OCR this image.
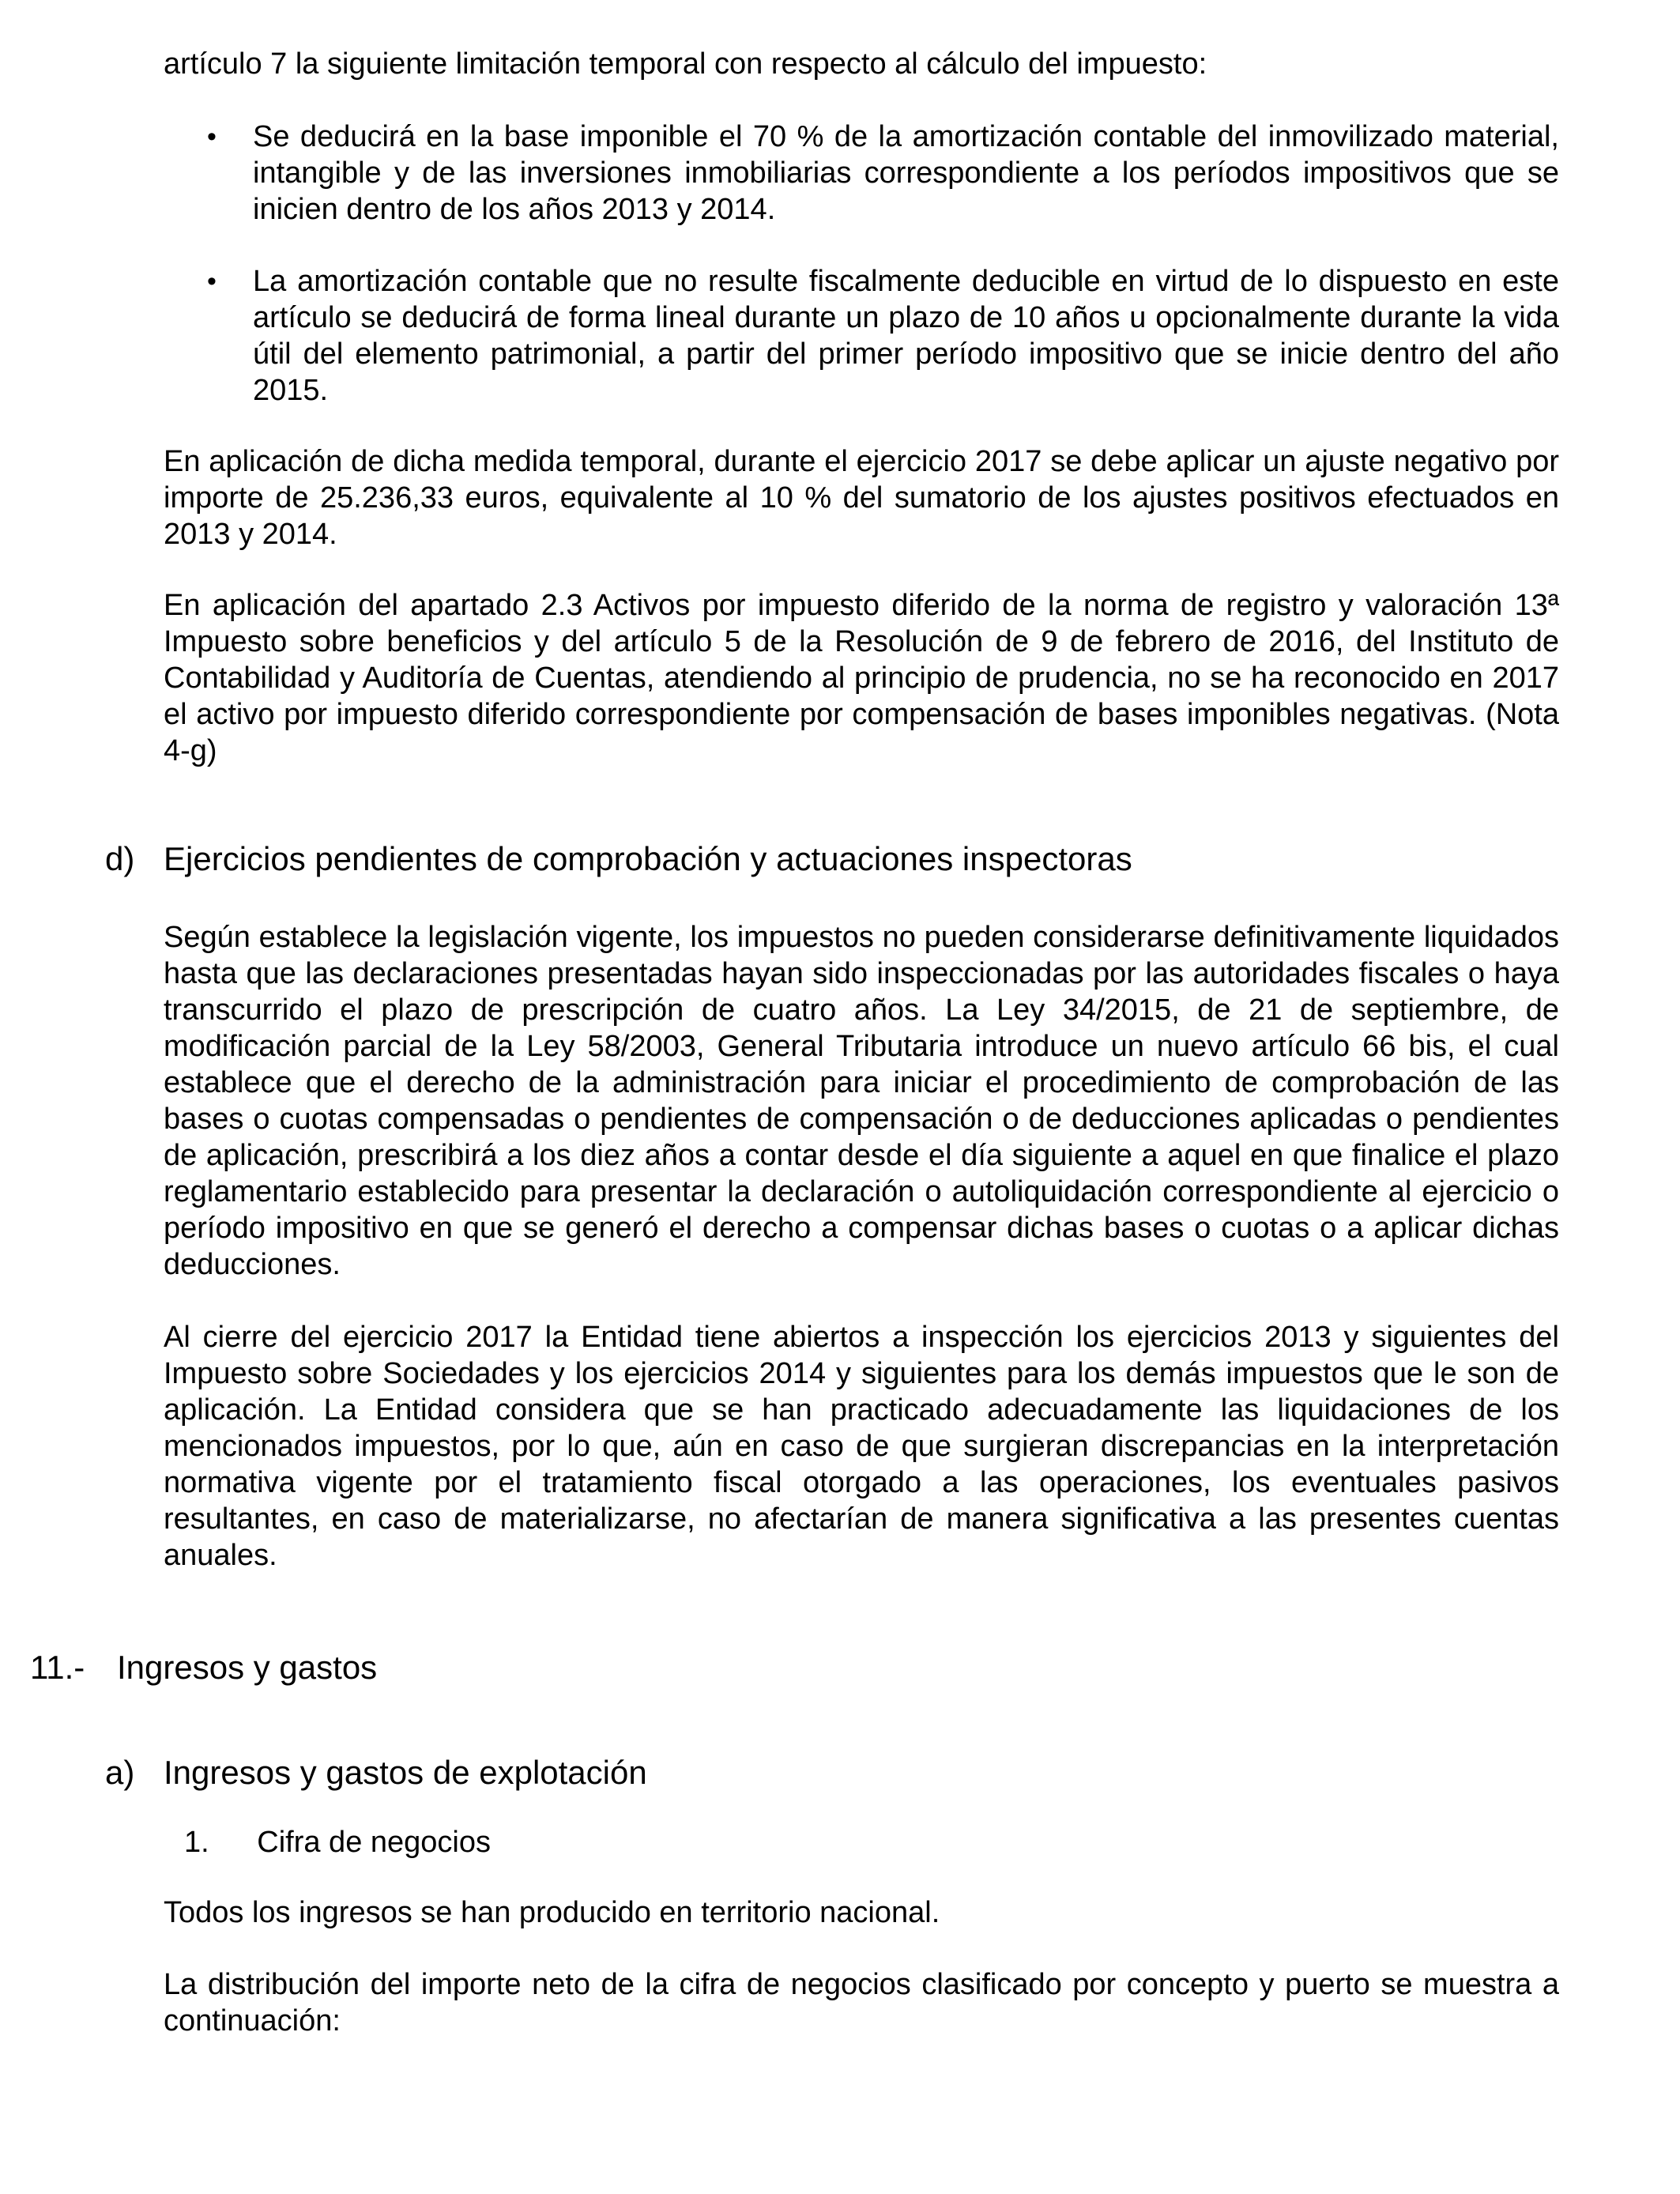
artículo 7 la siguiente limitación temporal con respecto al cálculo del impuesto:

•	Se deducirá en la base imponible el 70 % de la amortización contable del inmovilizado material, intangible y de las inversiones inmobiliarias correspondiente a los períodos impositivos que se inicien dentro de los años 2013 y 2014.
•	La amortización contable que no resulte fiscalmente deducible en virtud de lo dispuesto en este artículo se deducirá de forma lineal durante un plazo de 10 años u opcionalmente durante la vida útil del elemento patrimonial, a partir del primer período impositivo que se inicie dentro del año 2015.

En aplicación de dicha medida temporal, durante el ejercicio 2017 se debe aplicar un ajuste negativo por importe de 25.236,33 euros, equivalente al 10 % del sumatorio de los ajustes positivos efectuados en 2013 y 2014.

En aplicación del apartado 2.3 Activos por impuesto diferido de la norma de registro y valoración 13ª Impuesto sobre beneficios y del artículo 5 de la Resolución de 9 de febrero de 2016, del Instituto de Contabilidad y Auditoría de Cuentas, atendiendo al principio de prudencia, no se ha reconocido en 2017 el activo por impuesto diferido correspondiente por compensación de bases imponibles negativas. (Nota 4-g)

d) Ejercicios pendientes de comprobación y actuaciones inspectoras

Según establece la legislación vigente, los impuestos no pueden considerarse definitivamente liquidados hasta que las declaraciones presentadas hayan sido inspeccionadas por las autoridades fiscales o haya transcurrido el plazo de prescripción de cuatro años. La Ley 34/2015, de 21 de septiembre, de modificación parcial de la Ley 58/2003, General Tributaria introduce un nuevo artículo 66 bis, el cual establece que el derecho de la administración para iniciar el procedimiento de comprobación de las bases o cuotas compensadas o pendientes de compensación o de deducciones aplicadas o pendientes de aplicación, prescribirá a los diez años a contar desde el día siguiente a aquel en que finalice el plazo reglamentario establecido para presentar la declaración o autoliquidación correspondiente al ejercicio o período impositivo en que se generó el derecho a compensar dichas bases o cuotas o a aplicar dichas deducciones.

Al cierre del ejercicio 2017 la Entidad tiene abiertos a inspección los ejercicios 2013 y siguientes del Impuesto sobre Sociedades y los ejercicios 2014 y siguientes para los demás impuestos que le son de aplicación. La Entidad considera que se han practicado adecuadamente las liquidaciones de los mencionados impuestos, por lo que, aún en caso de que surgieran discrepancias en la interpretación normativa vigente por el tratamiento fiscal otorgado a las operaciones, los eventuales pasivos resultantes, en caso de materializarse, no afectarían de manera significativa a las presentes cuentas anuales.

11.- Ingresos y gastos
a) Ingresos y gastos de explotación
1. Cifra de negocios

Todos los ingresos se han producido en territorio nacional.

La distribución del importe neto de la cifra de negocios clasificado por concepto y puerto se muestra a continuación:
